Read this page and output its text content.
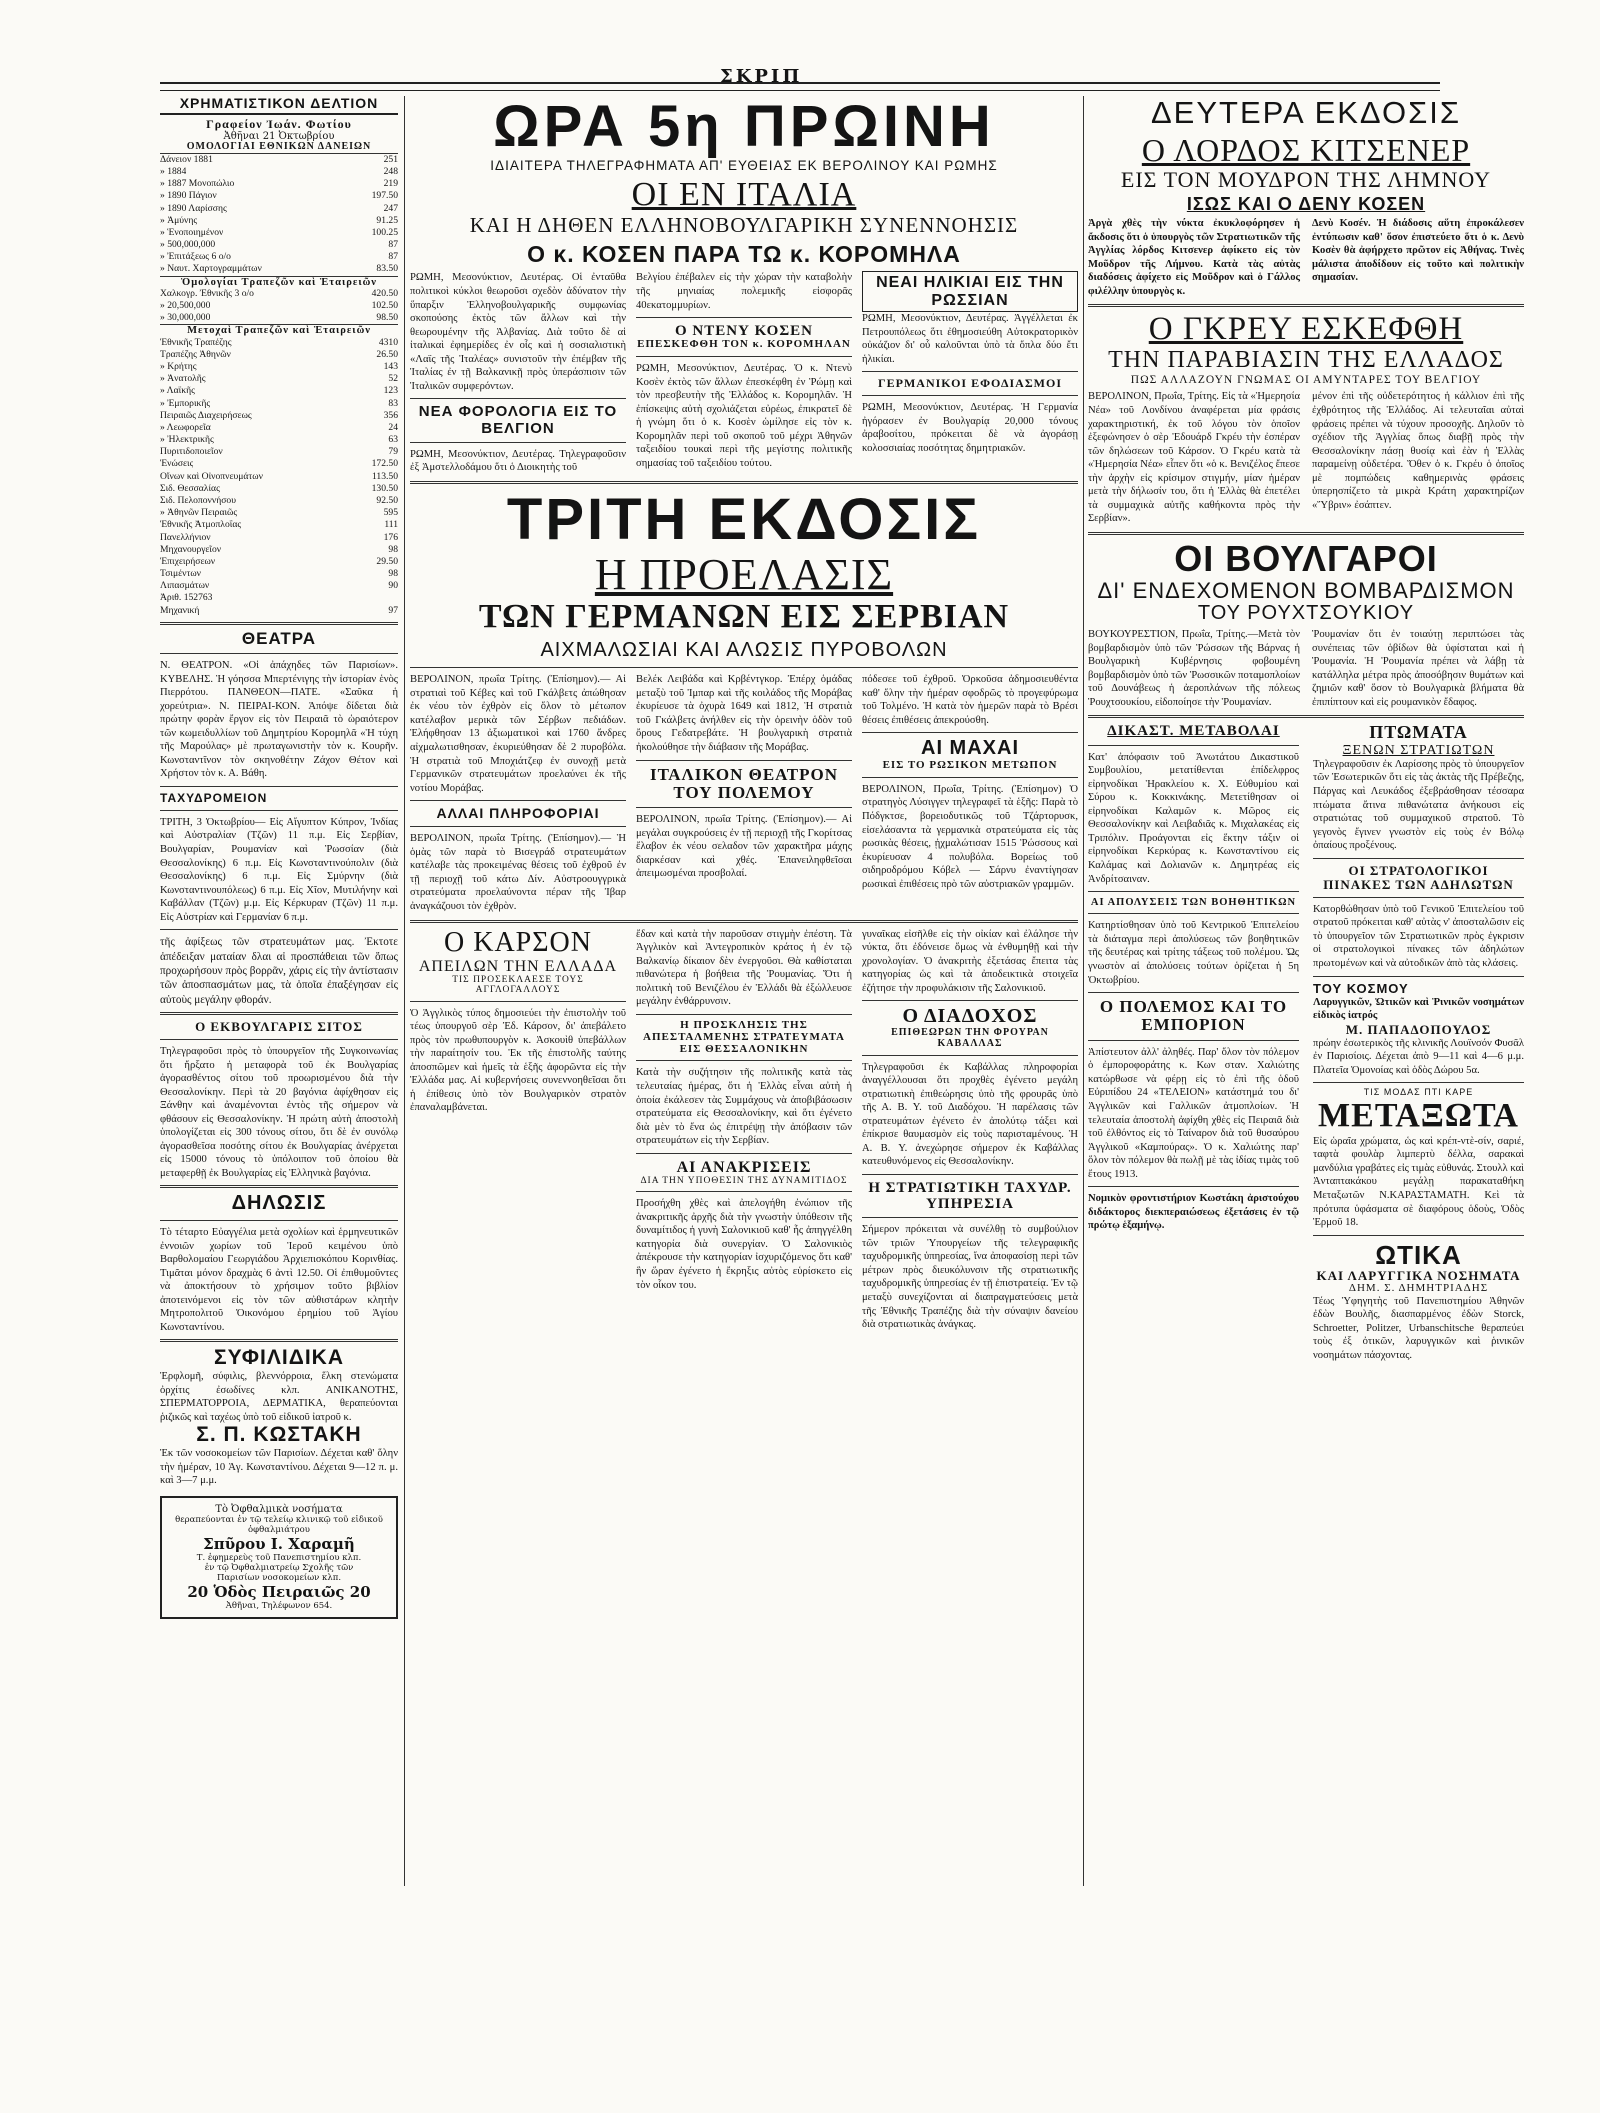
ΣΚΡΙΠ
ΧΡΗΜΑΤΙΣΤΙΚΟΝ ΔΕΛΤΙΟΝ
Γραφείον Ἰωάν. Φωτίου
Ἀθῆναι 21 Ὀκτωβρίου
ΟΜΟΛΟΓΙΑΙ ΕΘΝΙΚΩΝ ΔΑΝΕΙΩΝ
Δάνειον 1881	251
» 1884	248
» 1887 Μονοπώλιο	219
» 1890 Πάγιον	197.50
» 1890 Λαρίσσης	247
» Ἀμύνης	91.25
» Ἑνοποιημένον	100.25
» 500,000,000	87
» Ἐπιτάξεως 6 ο/ο	87
» Ναυτ. Χαρτογραμμάτων	83.50
Ὁμολογίαι Τραπεζῶν καὶ Ἑταιρειῶν
Χαλκογρ. Ἐθνικῆς 3 ο/ο	420.50
» 20,500,000	102.50
» 30,000,000	98.50
Μετοχαὶ Τραπεζῶν καὶ Ἑταιρειῶν
Ἐθνικῆς Τραπέζης	4310
Τραπέζης Ἀθηνῶν	26.50
» Κρήτης	143
» Ἀνατολῆς	52
» Λαϊκῆς	123
» Ἐμπορικῆς	83
Πειραιῶς Διαχειρήσεως	356
» Λεωφορεῖα	24
» Ἠλεκτρικῆς	63
Πυριτιδοποιεῖον	79
Ἑνώσεις	172.50
Οἴνων καὶ Οἰνοπνευμάτων	113.50
Σιδ. Θεσσαλίας	130.50
Σιδ. Πελοποννήσου	92.50
» Ἀθηνῶν Πειραιῶς	595
Ἐθνικῆς Ἀτμοπλοΐας	111
Πανελλήνιον	176
Μηχανουργεῖον	98
Ἐπιχειρήσεων	29.50
Τσιμέντων	98
Λιπασμάτων	90
Ἀριθ. 152763
Μηχανική	97
ΘΕΑΤΡΑ

Ν. ΘΕΑΤΡΟΝ. «Οἱ ἀπάχηδες τῶν Παρισίων». ΚΥΒΕΛΗΣ. Ἡ γόησσα Μπερτένιγης τὴν ἱστορίαν ἑνὸς Πιερρότου. ΠΑΝΘΕΟΝ—ΠΑΤΕ. «Σαῦκα ἡ χορεύτρια». Ν. ΠΕΙΡΑΙ-ΚΟΝ. Ἀπόψε δίδεται διὰ πρώτην φορὰν ἔργον εἰς τὸν Πειραιᾶ τὸ ὡραιότερον τῶν κωμειδυλλίων τοῦ Δημητρίου Κορομηλᾶ «Ἡ τύχη τῆς Μαρούλας» μὲ πρωταγωνιστὴν τὸν κ. Κουρῆν. Κωνσταντῖνον τὸν σκηνοθέτην Ζάχον Θέτον καὶ Χρήστον τὸν κ. Α. Βάθη.

ΤΑΧΥΔΡΟΜΕΙΟΝ

ΤΡΙΤΗ, 3 Ὀκτωβρίου— Εἰς Αἴγυπτον Κύπρον, Ἰνδίας καὶ Αὐστραλίαν (Τζῶν) 11 π.μ. Εἰς Σερβίαν, Βουλγαρίαν, Ρουμανίαν καὶ Ῥωσσίαν (διὰ Θεσσαλονίκης) 6 π.μ. Εἰς Κωνσταντινούπολιν (διὰ Θεσσαλονίκης) 6 π.μ. Εἰς Σμύρνην (διὰ Κωνσταντινουπόλεως) 6 π.μ. Εἰς Χῖον, Μυτιλήνην καὶ Καβάλλαν (Τζῶν) μ.μ. Εἰς Κέρκυραν (Τζῶν) 11 π.μ. Εἰς Αὐστρίαν καὶ Γερμανίαν 6 π.μ.

τῆς ἀφίξεως τῶν στρατευμάτων μας. Ἐκτοτε ἀπέδειξαν ματαίαν δλαι αἱ προσπάθειαι τῶν ὅπως προχωρήσουν πρὸς βορρᾶν, χάρις εἰς τὴν ἀντίστασιν τῶν ἀποσπασμάτων μας, τὰ ὁποῖα ἐπαξέγησαν εἰς αὐτοὺς μεγάλην φθοράν.

Ο ΕΚΒΟΥΛΓΑΡΙΣ ΣΙΤΟΣ

Τηλεγραφοῦσι πρὸς τὸ ὑπουργεῖον τῆς Συγκοινωνίας ὅτι ἤρξατο ἡ μεταφορὰ τοῦ ἐκ Βουλγαρίας ἀγορασθέντος σίτου τοῦ προωρισμένου διὰ τὴν Θεσσαλονίκην. Περὶ τὰ 20 βαγόνια ἀφίχθησαν εἰς Ξάνθην καὶ ἀναμένονται ἐντὸς τῆς σήμερον νὰ φθάσουν εἰς Θεσσαλονίκην. Ἡ πρώτη αὐτὴ ἀποστολὴ ὑπολογίζεται εἰς 300 τόνους σίτου, ὅτι δὲ ἐν συνόλῳ ἀγορασθεῖσα ποσότης σίτου ἐκ Βουλγαρίας ἀνέρχεται εἰς 15000 τόνους τὸ ὑπόλοιπον τοῦ ὁποίου θὰ μεταφερθῇ ἐκ Βουλγαρίας εἰς Ἑλληνικὰ βαγόνια.

ΔΗΛΩΣΙΣ

Τὸ τέταρτο Εὐαγγέλια μετὰ σχολίων καὶ ἑρμηνευτικῶν ἐννοιῶν χωρίων τοῦ Ἱεροῦ κειμένου ὑπὸ Βαρθολομαίου Γεωργιάδου Ἀρχιεπισκόπου Κορινθίας. Τιμᾶται μόνον δραχμὰς 6 ἀντὶ 12.50. Οἱ ἐπιθυμοῦντες νὰ ἀποκτήσουν τὸ χρήσιμον τοῦτο βιβλίον ἀποτεινόμενοι εἰς τὸν τῶν αὐθιστάρων κλητὴν Μητροπολιτοῦ Ὀικονόμου ἐρημίου τοῦ Ἁγίου Κωνσταντίνου.

ΣΥΦΙΛΙΔΙΚΑ

Ἐρφλομῆ, σύφιλις, βλεννόρροια, ἕλκη στενώματα ὀρχίτις ἐσωδίνες κλπ. ΑΝΙΚΑΝΟΤΗΣ, ΣΠΕΡΜΑΤΟΡΡΟΙΑ, ΔΕΡΜΑΤΙΚΑ, θεραπεύονται ῥιζικῶς καὶ ταχέως ὑπὸ τοῦ εἰδικοῦ ἰατροῦ κ.

Σ. Π. ΚΩΣΤΑΚΗ

Ἐκ τῶν νοσοκομείων τῶν Παρισίων. Δέχεται καθ' ὅλην τὴν ἡμέραν, 10 Ἁγ. Κωνσταντίνου. Δέχεται 9—12 π. μ. καὶ 3—7 μ.μ.

Τὸ Ὀφθαλμικὰ νοσήματα
θεραπεύονται ἐν τῷ τελείῳ κλινικῷ τοῦ εἰδικοῦ ὀφθαλμιάτρου
Σπῦρου Ι. Χαραμῆ
Τ. ἐφημερεὺς τοῦ Πανεπιστημίου κλπ.
ἐν τῷ Ὀφθαλμιατρείῳ Σχολῆς τῶν
Παρισίων νοσοκομείων κλπ.
20 Ὁδὸς Πειραιῶς 20
Ἀθῆναι, Τηλέφωνον 654.
ΩΡΑ 5η ΠΡΩΙΝΗ
ΙΔΙΑΙΤΕΡΑ ΤΗΛΕΓΡΑΦΗΜΑΤΑ ΑΠ' ΕΥΘΕΙΑΣ ΕΚ ΒΕΡΟΛΙΝΟΥ ΚΑΙ ΡΩΜΗΣ
ΟΙ ΕΝ ΙΤΑΛΙΑ
ΚΑΙ Η ΔΗΘΕΝ ΕΛΛΗΝΟΒΟΥΛΓΑΡΙΚΗ ΣΥΝΕΝΝΟΗΣΙΣ
Ο κ. ΚΟΣΕΝ ΠΑΡΑ ΤΩ κ. ΚΟΡΟΜΗΛΑ

ΡΩΜΗ, Μεσονύκτιον, Δευτέρας. Οἱ ἐνταῦθα πολιτικοὶ κύκλοι θεωροῦσι σχεδὸν ἀδύνατον τὴν ὕπαρξιν Ἑλληνοβουλγαρικῆς συμφωνίας σκοπούσης ἐκτὸς τῶν ἄλλων καὶ τὴν θεωρουμένην τῆς Ἀλβανίας. Διὰ τοῦτο δὲ αἱ ἰταλικαὶ ἐφημερίδες ἐν οἷς καὶ ἡ σοσιαλιστικὴ «Λαϊς τῆς Ἰταλέας» συνιστοῦν τὴν ἐπέμβαν τῆς Ἰταλίας ἐν τῇ Βαλκανικῇ πρὸς ὑπεράσπισιν τῶν Ἰταλικῶν συμφερόντων.

ΝΕΑ ΦΟΡΟΛΟΓΙΑ ΕΙΣ ΤΟ ΒΕΛΓΙΟΝ

ΡΩΜΗ, Μεσονύκτιον, Δευτέρας. Τηλεγραφοῦσιν ἐξ Ἀμστελλοδάμου ὅτι ὁ Διοικητὴς τοῦ

Βελγίου ἐπέβαλεν εἰς τὴν χώραν τὴν καταβολὴν τῆς μηνιαίας πολεμικῆς εἰσφορᾶς 40εκατομμυρίων.

Ο ΝΤΕΝΥ ΚΟΣΕΝ
ΕΠΕΣΚΕΦΘΗ ΤΟΝ κ. ΚΟΡΟΜΗΛΑΝ

ΡΩΜΗ, Μεσονύκτιον, Δευτέρας. Ὁ κ. Ντενὺ Κοσὲν ἐκτὸς τῶν ἄλλων ἐπεσκέφθη ἐν Ῥώμῃ καὶ τὸν πρεσβευτὴν τῆς Ἑλλάδος κ. Κορομηλᾶν. Ἡ ἐπίσκεψις αὐτὴ σχολιάζεται εὐρέως, ἐπικρατεῖ δὲ ἡ γνώμη ὅτι ὁ κ. Κοσὲν ὡμίλησε εἰς τὸν κ. Κορομηλᾶν περὶ τοῦ σκοποῦ τοῦ μέχρι Ἀθηνῶν ταξειδίου τουκαὶ περὶ τῆς μεγίστης πολιτικῆς σημασίας τοῦ ταξειδίου τούτου.

ΝΕΑΙ ΗΛΙΚΙΑΙ ΕΙΣ ΤΗΝ ΡΩΣΣΙΑΝ

ΡΩΜΗ, Μεσονύκτιον, Δευτέρας. Ἀγγέλλεται ἐκ Πετρουπόλεως ὅτι ἐθημοσιεύθη Αὐτοκρατορικὸν οὐκάζιον δι' οὗ καλοῦνται ὑπὸ τὰ ὅπλα δύο ἔτι ἡλικίαι.

ΓΕΡΜΑΝΙΚΟΙ ΕΦΟΔΙΑΣΜΟΙ

ΡΩΜΗ, Μεσονύκτιον, Δευτέρας. Ἡ Γερμανία ἠγόρασεν ἐν Βουλγαρίᾳ 20,000 τόνους ἀραβοσίτου, πρόκειται δὲ νὰ ἀγοράσῃ κολοσσιαίας ποσότητας δημητριακῶν.

ΤΡΙΤΗ ΕΚΔΟΣΙΣ
Η ΠΡΟΕΛΑΣΙΣ
ΤΩΝ ΓΕΡΜΑΝΩΝ ΕΙΣ ΣΕΡΒΙΑΝ
ΑΙΧΜΑΛΩΣΙΑΙ ΚΑΙ ΑΛΩΣΙΣ ΠΥΡΟΒΟΛΩΝ

ΒΕΡΟΛΙΝΟΝ, πρωΐα Τρίτης. (Ἐπίσημον).— Αἱ στρατιαὶ τοῦ Κέβες καὶ τοῦ Γκάλβετς ἀπώθησαν ἐκ νέου τὸν ἐχθρὸν εἰς ὅλον τὸ μέτωπον κατέλαβον μερικὰ τῶν Σέρβων πεδιάδων. Ἐλήφθησαν 13 ἀξιωματικοὶ καὶ 1760 ἄνδρες αἰχμαλωτισθησαν, ἐκυριεύθησαν δὲ 2 πυροβόλα. Ἡ στρατιὰ τοῦ Μποχιάτζεφ ἐν συνοχῇ μετὰ Γερμανικῶν στρατευμάτων προελαύνει ἐκ τῆς νοτίου Μοράβας.

ΑΛΛΑΙ ΠΛΗΡΟΦΟΡΙΑΙ

ΒΕΡΟΛΙΝΟΝ, πρωΐα Τρίτης. (Ἐπίσημον).— Ἡ ὁμὰς τῶν παρὰ τὸ Βισεγράδ στρατευμάτων κατέλαβε τὰς προκειμένας θέσεις τοῦ ἐχθροῦ ἐν τῇ περιοχῇ τοῦ κάτω Δίν. Αὐστροουγγρικὰ στρατεύματα προελαύνοντα πέραν τῆς Ἰβαρ ἀναγκάζουσι τὸν ἐχθρὸν.

Βελέκ Λειβάδα καὶ Κρβέντγκορ. Ἐπέρχ ὁμάδας μεταξὺ τοῦ Ἰμπαρ καὶ τῆς κοιλάδος τῆς Μοράβας ἐκυρίευσε τὰ ὀχυρὰ 1649 καὶ 1812, Ἡ στρατιὰ τοῦ Γκάλβετς ἀνήλθεν εἰς τὴν ὀρεινὴν ὁδὸν τοῦ ὄρους Γεδατρεβάτε. Ἡ βουλγαρικὴ στρατιὰ ἠκολούθησε τὴν διάβασιν τῆς Μοράβας.

ΙΤΑΛΙΚΟΝ ΘΕΑΤΡΟΝ ΤΟΥ ΠΟΛΕΜΟΥ

ΒΕΡΟΛΙΝΟΝ, πρωΐα Τρίτης. (Ἐπίσημον).— Αἱ μεγάλαι συγκρούσεις ἐν τῇ περιοχῇ τῆς Γκορίτσας ἔλαβον ἐκ νέου σελαδον τῶν χαρακτῆρα μάχης διαρκέσαν καὶ χθές. Ἐπανειληφθεῖσαι ἀπειμωσμέναι προσβολαί.

πόδεσεε τοῦ ἐχθροῦ. Ὀρκοῦσα ἀδημοσιευθέντα καθ' ὅλην τὴν ἡμέραν σφοδρῶς τὸ προγεφύρωμα τοῦ Τολμένο. Ἡ κατὰ τὸν ἡμερῶν παρὰ τὸ Βρέσι θέσεις ἐπιθέσεις ἀπεκρούσθη.

ΑΙ ΜΑΧΑΙ
ΕΙΣ ΤΟ ΡΩΣΙΚΟΝ ΜΕΤΩΠΟΝ

ΒΕΡΟΛΙΝΟΝ, Πρωΐα, Τρίτης. (Ἐπίσημον) Ὁ στρατηγὸς Λύσιγγεν τηλεγραφεῖ τὰ ἑξῆς: Παρὰ τὸ Πόδγκτσε, βορειοδυτικῶς τοῦ Τζάρτορυσκ, εἰσελάσαντα τὰ γερμανικὰ στρατεύματα εἰς τὰς ρωσικὰς θέσεις, ᾐχμαλώτισαν 1515 Ῥώσσους καὶ ἐκυρίευσαν 4 πολυβόλα. Βορείως τοῦ σιδηροδρόμου Κόβελ — Σάρνυ ἐναντίγησαν ρωσικαὶ ἐπιθέσεις πρὸ τῶν αὐστριακῶν γραμμῶν.

Ο ΚΑΡΣΟΝ
ΑΠΕΙΛΩΝ ΤΗΝ ΕΛΛΑΔΑ
ΤΙΣ ΠΡΟΣΕΚΛΑΕΣΕ ΤΟΥΣ ΑΓΓΛΟΓΑΛΛΟΥΣ

Ὁ Ἀγγλικὸς τύπος δημοσιεύει τὴν ἐπιστολὴν τοῦ τέως ὑπουργοῦ σὲρ Ἐδ. Κάρσον, δι' ἀπεβάλετο πρὸς τὸν πρωθυπουργὸν κ. Ἀσκουὶθ ὑπεβάλλων τὴν παραίτησίν του. Ἐκ τῆς ἐπιστολῆς ταύτης ἀποσπῶμεν καὶ ἡμεῖς τὰ ἑξῆς ἀφορῶντα εἰς τὴν Ἑλλάδα μας. Αἱ κυβερνήσεις συνεννοηθεῖσαι ὅτι ἡ ἐπίθεσις ὑπὸ τὸν Βουλγαρικὸν στρατὸν ἐπαναλαμβάνεται.

ἔδαν καὶ κατὰ τὴν παροῦσαν στιγμὴν ἐπέστη. Τὰ Ἀγγλικὸν καὶ Ἀντεγροπικὸν κράτος ἡ ἐν τῷ Βαλκανίῳ δίκαιον δὲν ἐνεργοῦσι. Θὰ καθίσταται πιθανώτερα ἡ βοήθεια τῆς Ῥουμανίας. Ὅτι ἡ πολιτικὴ τοῦ Βενιζέλου ἐν Ἑλλάδι θὰ ἐξώλλευσε μεγάλην ἐνθάρρυνσιν.

Η ΠΡΟΣΚΛΗΣΙΣ ΤΗΣ ΑΠΕΣΤΑΛΜΕΝΗΣ ΣΤΡΑΤΕΥΜΑΤΑ ΕΙΣ ΘΕΣΣΑΛΟΝΙΚΗΝ

Κατὰ τὴν συζήτησιν τῆς πολιτικῆς κατὰ τὰς τελευταίας ἡμέρας, ὅτι ἡ Ἑλλὰς εἶναι αὐτὴ ἡ ὁποία ἐκάλεσεν τὰς Συμμάχους νὰ ἀποβιβάσωσιν στρατεύματα εἰς Θεσσαλονίκην, καὶ ὅτι ἐγένετο διὰ μὲν τὸ ἕνα ὡς ἐπιτρέψῃ τὴν ἀπόβασιν τῶν στρατευμάτων εἰς τὴν Σερβίαν.

ΑΙ ΑΝΑΚΡΙΣΕΙΣ
ΔΙΑ ΤΗΝ ΥΠΟΘΕΣΙΝ ΤΗΣ ΔΥΝΑΜΙΤΙΔΟΣ

Προσήχθη χθὲς καὶ ἀπελογήθη ἐνώπιον τῆς ἀνακριτικῆς ἀρχῆς διὰ τὴν γνωστὴν ὑπόθεσιν τῆς δυναμίτιδος ἡ γυνὴ Σαλονικιοῦ καθ' ἧς ἀπηγγέλθη κατηγορία διὰ συνεργίαν. Ὁ Σαλονικιὸς ἀπέκρουσε τὴν κατηγορίαν ἰσχυριζόμενος ὅτι καθ' ἣν ὥραν ἐγένετο ἡ ἔκρηξις αὐτὸς εὑρίσκετο εἰς τὸν οἶκον του.

γυναῖκας εἰσῆλθε εἰς τὴν οἰκίαν καὶ ἐλάλησε τὴν νύκτα, ὅτι ἐδόνεισε ὅμως νὰ ἐνθυμηθῇ καὶ τὴν χρονολογίαν. Ὁ ἀνακριτὴς ἐξετάσας ἔπειτα τὰς κατηγορίας ὡς καὶ τὰ ἀποδεικτικὰ στοιχεῖα ἐζήτησε τὴν προφυλάκισιν τῆς Σαλονικιοῦ.

Ο ΔΙΑΔΟΧΟΣ
ΕΠΙΘΕΩΡΩΝ ΤΗΝ ΦΡΟΥΡΑΝ ΚΑΒΑΛΛΑΣ

Τηλεγραφοῦσι ἐκ Καβάλλας πληροφορίαι ἀναγγέλλουσαι ὅτι προχθὲς ἐγένετο μεγάλη στρατιωτικὴ ἐπιθεώρησις ὑπὸ τῆς φρουρᾶς ὑπὸ τῆς Α. Β. Υ. τοῦ Διαδόχου. Ἡ παρέλασις τῶν στρατευμάτων ἐγένετο ἐν ἀπολύτῳ τάξει καὶ ἐπίκρισε θαυμασμὸν εἰς τοὺς παρισταμένους. Ἡ Α. Β. Υ. ἀνεχώρησε σήμερον ἐκ Καβάλλας κατευθυνόμενος εἰς Θεσσαλονίκην.

Η ΣΤΡΑΤΙΩΤΙΚΗ ΤΑΧΥΔΡ. ΥΠΗΡΕΣΙΑ

Σήμερον πρόκειται νὰ συνέλθῃ τὸ συμβούλιον τῶν τριῶν Ὑπουργείων τῆς τελεγραφικῆς ταχυδρομικῆς ὑπηρεσίας, ἵνα ἀποφασίσῃ περὶ τῶν μέτρων πρὸς διευκόλυνσιν τῆς στρατιωτικῆς ταχυδρομικῆς ὑπηρεσίας ἐν τῇ ἐπιστρατείᾳ. Ἐν τῷ μεταξὺ συνεχίζονται αἱ διαπραγματεύσεις μετὰ τῆς Ἐθνικῆς Τραπέζης διὰ τὴν σύναψιν δανείου διὰ στρατιωτικὰς ἀνάγκας.

ΔΕΥΤΕΡΑ ΕΚΔΟΣΙΣ
Ο ΛΟΡΔΟΣ ΚΙΤΣΕΝΕΡ
ΕΙΣ ΤΟΝ ΜΟΥΔΡΟΝ ΤΗΣ ΛΗΜΝΟΥ
ΙΣΩΣ ΚΑΙ Ο ΔΕΝΥ ΚΟΣΕΝ

Ἀργὰ χθὲς τὴν νύκτα ἐκυκλοφόρησεν ἡ ἄκδοσις ὅτι ὁ ὑπουργὸς τῶν Στρατιωτικῶν τῆς Ἀγγλίας λόρδος Κιτσενερ ἀφίκετο εἰς τὸν Μοῦδρον τῆς Λήμνου. Κατὰ τὰς αὐτὰς διαδόσεις ἀφίχετο εἰς Μοῦδρον καὶ ὁ Γάλλος φιλέλλην ὑπουργὸς κ.

Δενὺ Κοσέν. Ἡ διάδοσις αὕτη ἐπροκάλεσεν ἐντύπωσιν καθ' ὅσον ἐπιστεύετο ὅτι ὁ κ. Δενὺ Κοσὲν θὰ ἀφήρχετο πρῶτον εἰς Ἀθήνας. Τινὲς μάλιστα ἀποδίδουν εἰς τοῦτο καὶ πολιτικὴν σημασίαν.

Ο ΓΚΡΕΥ ΕΣΚΕΦΘΗ
ΤΗΝ ΠΑΡΑΒΙΑΣΙΝ ΤΗΣ ΕΛΛΑΔΟΣ
ΠΩΣ ΑΛΛΑΖΟΥΝ ΓΝΩΜΑΣ ΟΙ ΑΜΥΝΤΑΡΕΣ ΤΟΥ ΒΕΛΓΙΟΥ

ΒΕΡΟΛΙΝΟΝ, Πρωΐα, Τρίτης. Εἰς τὰ «Ἡμερησία Νέα» τοῦ Λονδίνου ἀναφέρεται μία φράσις χαρακτηριστική, ἐκ τοῦ λόγου τὸν ὁποῖον ἐξεφώνησεν ὁ σὲρ Ἐδουάρδ Γκρέυ τὴν ἐσπέραν τῶν δηλώσεων τοῦ Κάρσον. Ὁ Γκρέυ κατὰ τὰ «Ἡμερησία Νέα» εἶπεν ὅτι «ὁ κ. Βενιζέλος ἔπεσε τὴν ἀρχὴν εἰς κρίσιμον στιγμήν, μίαν ἡμέραν μετὰ τὴν δήλωσίν του, ὅτι ἡ Ἑλλὰς θὰ ἐπετέλει τὰ συμμαχικὰ αὐτῆς καθήκοντα πρὸς τὴν Σερβίαν».

μένον ἐπὶ τῆς οὐδετερότητος ἡ κάλλιον ἐπὶ τῆς ἐχθρότητος τῆς Ἑλλάδος. Αἱ τελευταῖαι αὐταὶ φράσεις πρέπει νὰ τύχουν προσοχῆς. Δηλοῦν τὸ σχέδιον τῆς Ἀγγλίας ὅπως διαβῇ πρὸς τὴν Θεσσαλονίκην πάσῃ θυσίᾳ καὶ ἐὰν ἡ Ἑλλὰς παραμείνῃ οὐδετέρα. Ὅθεν ὁ κ. Γκρέυ ὁ ὁποῖος μὲ πομπώδεις καθημερινὰς φράσεις ὑπερησπίζετο τὰ μικρὰ Κράτη χαρακτηρίζων «Ὕβριν» ἐσάπτεν.

ΟΙ ΒΟΥΛΓΑΡΟΙ
ΔΙ' ΕΝΔΕΧΟΜΕΝΟΝ ΒΟΜΒΑΡΔΙΣΜΟΝ
ΤΟΥ ΡΟΥΧΤΣΟΥΚΙΟΥ

ΒΟΥΚΟΥΡΕΣΤΙΟΝ, Πρωΐα, Τρίτης.—Μετὰ τὸν βομβαρδισμὸν ὑπὸ τῶν Ῥώσσων τῆς Βάρνας ἡ Βουλγαρικὴ Κυβέρνησις φοβουμένη βομβαρδισμὸν ὑπὸ τῶν Ῥωσσικῶν ποταμοπλοίων τοῦ Δουνάβεως ἡ ἀεροπλάνων τῆς πόλεως Ῥουχτσουκίου, εἰδοποίησε τὴν Ῥουμανίαν.

Ῥουμανίαν ὅτι ἐν τοιαύτῃ περιπτώσει τὰς συνέπειας τῶν ὁβίδων θὰ ὑφίσταται καὶ ἡ Ῥουμανία. Ἡ Ῥουμανία πρέπει νὰ λάβῃ τὰ κατάλληλα μέτρα πρὸς ἀποσόβησιν θυμάτων καὶ ζημιῶν καθ' ὅσον τὸ Βουλγαρικὰ βλήματα θὰ ἐπιπίπτουν καὶ εἰς ρουμανικὸν ἔδαφος.

ΔΙΚΑΣΤ. ΜΕΤΑΒΟΛΑΙ

Κατ' ἀπόφασιν τοῦ Ἀνωτάτου Δικαστικοῦ Συμβουλίου, μετατίθενται ἐπίδελφρος εἰρηνοδίκαι Ἡρακλείου κ. Χ. Εὐθυμίου καὶ Σύρου κ. Κοκκινάκης. Μετετίθησαν οἱ εἰρηνοδίκαι Καλαμῶν κ. Μῶρος εἰς Θεσσαλονίκην καὶ Λειβαδιᾶς κ. Μιχαλακέας εἰς Τριπόλιν. Προάγονται εἰς ἕκτην τάξιν οἱ εἰρηνοδίκαι Κερκύρας κ. Κωνσταντίνου εἰς Καλάμας καὶ Δολιανῶν κ. Δημητρέας εἰς Ἀνδρίτσαιναν.

ΑΙ ΑΠΟΛΥΣΕΙΣ ΤΩΝ ΒΟΗΘΗΤΙΚΩΝ

Κατηρτίσθησαν ὑπὸ τοῦ Κεντρικοῦ Ἐπιτελείου τὰ διάταγμα περὶ ἀπολύσεως τῶν βοηθητικῶν τῆς δευτέρας καὶ τρίτης τάξεως τοῦ πολέμου. Ὡς γνωστὸν αἱ ἀπολύσεις τούτων ὁρίζεται ἡ 5η Ὀκτωβρίου.

Ο ΠΟΛΕΜΟΣ ΚΑΙ ΤΟ ΕΜΠΟΡΙΟΝ

Ἀπίστευτον ἀλλ' ἀληθές. Παρ' ὅλον τὸν πόλεμον ὁ ἐμποροφοράτης κ. Κων σταν. Χαλιώτης κατώρθωσε νὰ φέρῃ εἰς τὸ ἐπὶ τῆς ὁδοῦ Εὐριπίδου 24 «ΤΕΛΕΙΟΝ» κατάστημά του δι' Ἀγγλικῶν καὶ Γαλλικῶν ἀτμοπλοίων. Ἡ τελευταία ἀποστολὴ ἀφίχθη χθὲς εἰς Πειραιᾶ διὰ τοῦ ἐλθόντος εἰς τὸ Ταίναρον διὰ τοῦ θυσαύρου Ἀγγλικοῦ «Καμπούρας». Ὁ κ. Χαλιώτης παρ' ὅλον τὸν πόλεμον θὰ πωλῇ μὲ τὰς ἰδίας τιμὰς τοῦ ἔτους 1913.

Νομικὸν φροντιστήριον Κωστάκη ἀριστούχου διδάκτορος διεκπεραιώσεως ἐξετάσεις ἐν τῷ πρώτῳ ἑξαμήνῳ.

ΠΤΩΜΑΤΑ
ΞΕΝΩΝ ΣΤΡΑΤΙΩΤΩΝ

Τηλεγραφοῦσιν ἐκ Λαρίσσης πρὸς τὸ ὑπουργεῖον τῶν Ἐσωτερικῶν ὅτι εἰς τὰς ἀκτὰς τῆς Πρέβεζης, Πάργας καὶ Λευκάδος ἐξεβράσθησαν τέσσαρα πτώματα ἄτινα πιθανώτατα ἀνήκουσι εἰς στρατιώτας τοῦ συμμαχικοῦ στρατοῦ. Τὸ γεγονὸς ἔγινεν γνωστὸν εἰς τοὺς ἐν Βόλῳ ὀπαίους προξένους.

ΟΙ ΣΤΡΑΤΟΛΟΓΙΚΟΙ ΠΙΝΑΚΕΣ ΤΩΝ ΑΔΗΛΩΤΩΝ

Κατορθώθησαν ὑπὸ τοῦ Γενικοῦ Ἐπιτελείου τοῦ στρατοῦ πρόκειται καθ' αὐτὰς ν' ἀποσταλῶσιν εἰς τὸ ὑπουργεῖον τῶν Στρατιωτικῶν πρὸς ἐγκρισιν οἱ στρατολογικοὶ πίνακες τῶν ἀδηλώτων πρωτομένων καὶ νὰ αὐτοδικῶν ἀπὸ τὰς κλάσεις.

ΤΟΥ ΚΟΣΜΟΥ

Λαρυγγικῶν, Ὠτικῶν καὶ Ῥινικῶν νοσημάτων εἰδικὸς ἰατρός

Μ. ΠΑΠΑΔΟΠΟΥΛΟΣ

πρώην ἐσωτερικὸς τῆς κλινικῆς Λουϊνσόν Φυσᾶλ ἐν Παρισίοις. Δέχεται ἀπὸ 9—11 καὶ 4—6 μ.μ. Πλατεῖα Ὁμονοίας καὶ ὁδὸς Δώρου 5α.

ΤΙΣ ΜΟΔΑΣ ΠΤΙ ΚΑΡΕ
ΜΕΤΑΞΩΤΑ

Εἰς ὡραῖα χρώματα, ὡς καὶ κρέπ-ντὲ-σίν, σαριέ, ταφτὰ φουλὰρ λιμπερτὺ δέλλα, σαρακαὶ μανδύλια γραβάτες εἰς τιμὰς εὐθυνάς. Στουλλ καὶ Ἀνταπτακάκου μεγάλῃ παρακαταθήκη Μεταξωτῶν Ν.ΚΑΡΑΣΤΑΜΑΤΗ. Κεὶ τὰ πρότυπα ὑφάσματα σὲ διαφόρους ὁδοὺς, Ὁδὸς Ἑρμοῦ 18.

ΩΤΙΚΑ
ΚΑΙ ΛΑΡΥΓΓΙΚΑ ΝΟΣΗΜΑΤΑ
ΔΗΜ. Σ. ΔΗΜΗΤΡΙΑΔΗΣ

Τέως Ὑφηγητὴς τοῦ Πανεπιστημίου Ἀθηνῶν ἐδὼν Βουλῆς, διασπαρμένος ἐδὼν Storck, Schroetter, Politzer, Urbanschitsche θεραπεύει τοὺς ἐξ ὀτικῶν, λαρυγγικῶν καὶ ῥινικῶν νοσημάτων πάσχοντας.
